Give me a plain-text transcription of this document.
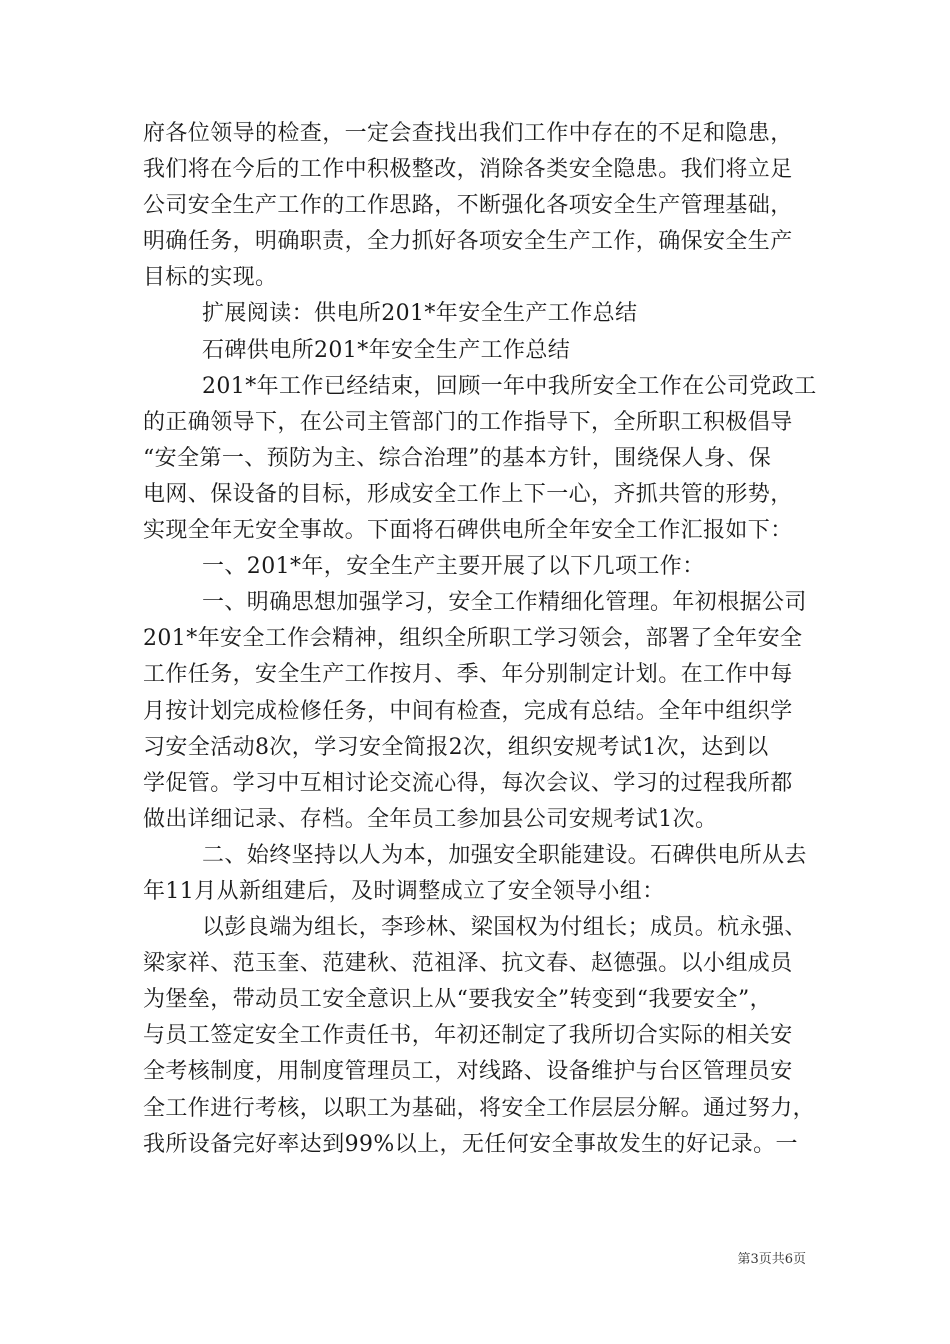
府各位领导的检查，一定会查找出我们工作中存在的不足和隐患，
我们将在今后的工作中积极整改，消除各类安全隐患。我们将立足
公司安全生产工作的工作思路，不断强化各项安全生产管理基础，
明确任务，明确职责，全力抓好各项安全生产工作，确保安全生产
目标的实现。
扩展阅读：供电所201*年安全生产工作总结
石碑供电所201*年安全生产工作总结
201*年工作已经结束，回顾一年中我所安全工作在公司党政工
的正确领导下，在公司主管部门的工作指导下，全所职工积极倡导
“安全第一、预防为主、综合治理”的基本方针，围绕保人身、保
电网、保设备的目标，形成安全工作上下一心，齐抓共管的形势，
实现全年无安全事故。下面将石碑供电所全年安全工作汇报如下：
一、201*年，安全生产主要开展了以下几项工作：
一、明确思想加强学习，安全工作精细化管理。年初根据公司
201*年安全工作会精神，组织全所职工学习领会，部署了全年安全
工作任务，安全生产工作按月、季、年分别制定计划。在工作中每
月按计划完成检修任务，中间有检查，完成有总结。全年中组织学
习安全活动8次，学习安全简报2次，组织安规考试1次，达到以
学促管。学习中互相讨论交流心得，每次会议、学习的过程我所都
做出详细记录、存档。全年员工参加县公司安规考试1次。
二、始终坚持以人为本，加强安全职能建设。石碑供电所从去
年11月从新组建后，及时调整成立了安全领导小组：
以彭良端为组长，李珍林、梁国权为付组长；成员。杭永强、
梁家祥、范玉奎、范建秋、范祖泽、抗文春、赵德强。以小组成员
为堡垒，带动员工安全意识上从“要我安全”转变到“我要安全”，
与员工签定安全工作责任书，年初还制定了我所切合实际的相关安
全考核制度，用制度管理员工，对线路、设备维护与台区管理员安
全工作进行考核，以职工为基础，将安全工作层层分解。通过努力，
我所设备完好率达到99%以上，无任何安全事故发生的好记录。一
第3页共6页
